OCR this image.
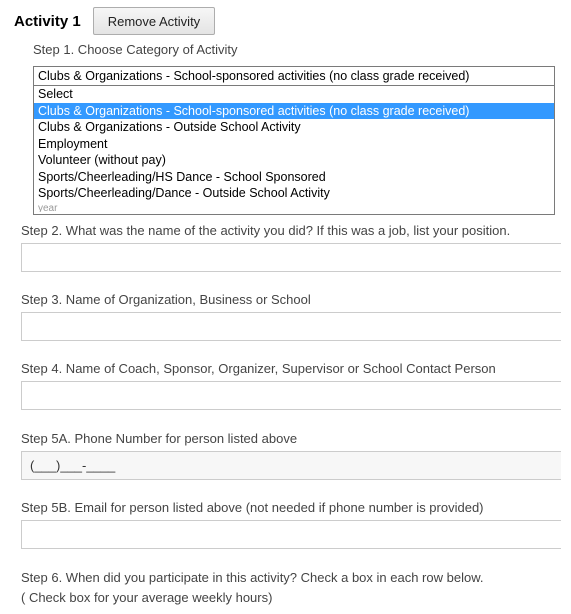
Activity 1	Remove Activity
Step 1. Choose Category of Activity
Clubs & Organizations - School-sponsored activities (no class grade received)
Select
Clubs & Organizations - School-sponsored activities (no class grade received)
Clubs & Organizations - Outside School Activity
Employment
Volunteer (without pay)
Sports/Cheerleading/HS Dance - School Sponsored
Sports/Cheerleading/Dance - Outside School Activity
year
Step 2. What was the name of the activity you did? If this was a job, list your position.
Step 3. Name of Organization, Business or School
Step 4. Name of Coach, Sponsor, Organizer, Supervisor or School Contact Person
Step 5A. Phone Number for person listed above
(___)___-____
Step 5B. Email for person listed above (not needed if phone number is provided)
Step 6. When did you participate in this activity? Check a box in each row below.
( Check box for your average weekly hours)
